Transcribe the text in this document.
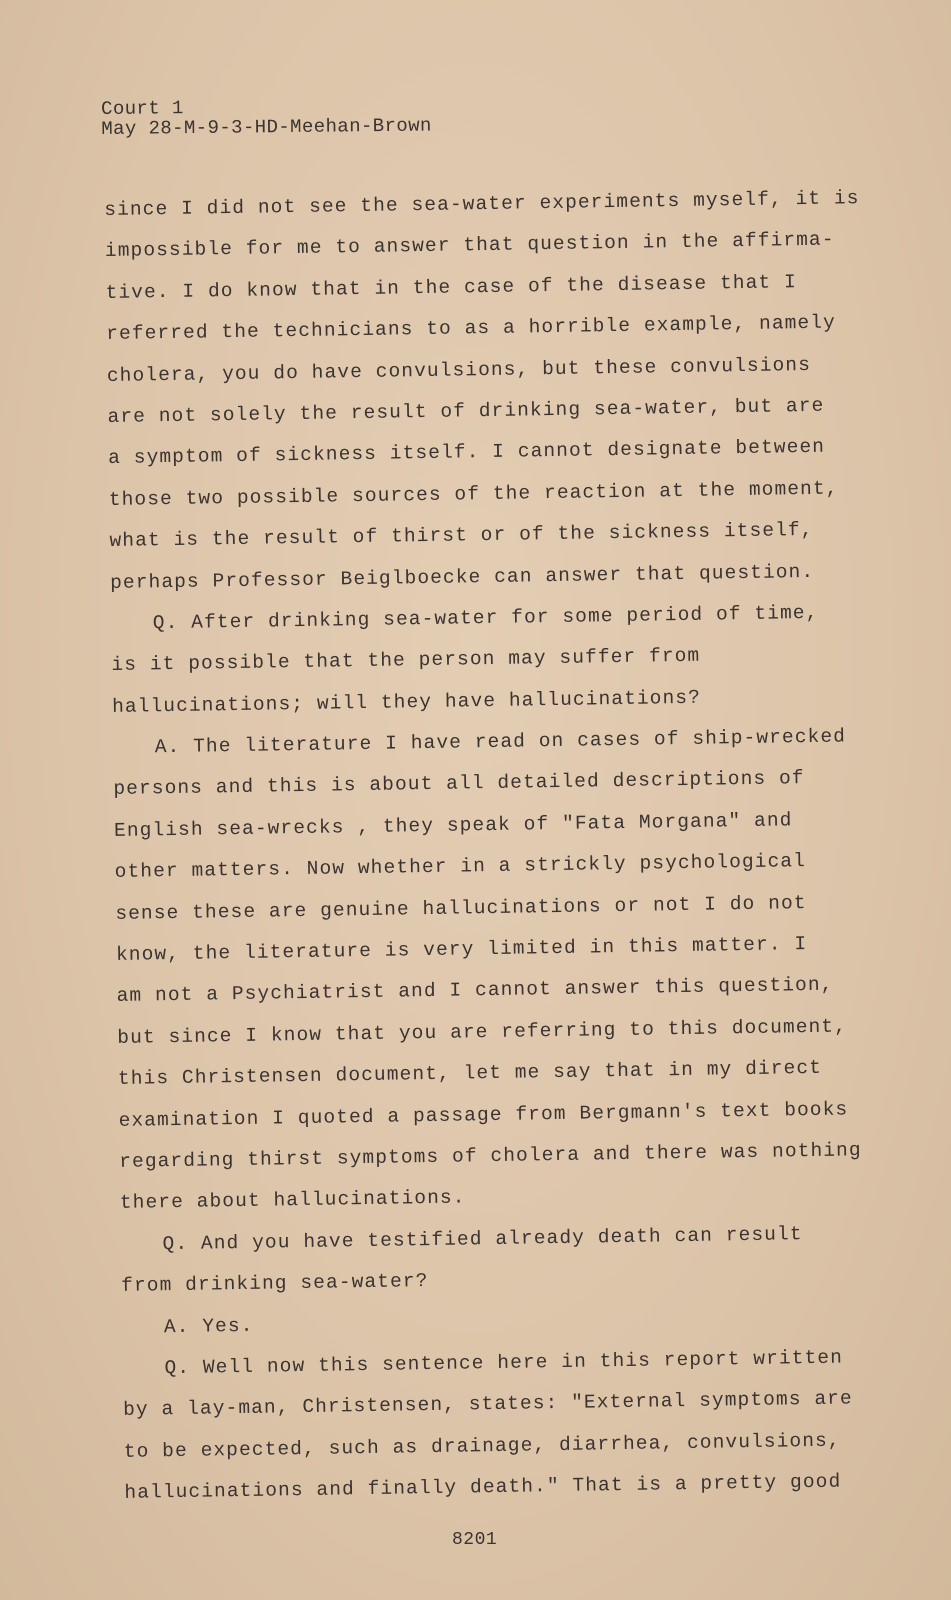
Court 1
May 28-M-9-3-HD-Meehan-Brown
since I did not see the sea-water experiments myself, it is
impossible for me to answer that question in the affirma-
tive. I do know that in the case of the disease that I
referred the technicians to as a horrible example, namely
cholera, you do have convulsions, but these convulsions
are not solely the result of drinking sea-water, but are
a symptom of sickness itself. I cannot designate between
those two possible sources of the reaction at the moment,
what is the result of thirst or of the sickness itself,
perhaps Professor Beiglboecke can answer that question.
Q. After drinking sea-water for some period of time,
is it possible that the person may suffer from
hallucinations; will they have hallucinations?
A. The literature I have read on cases of ship-wrecked
persons and this is about all detailed descriptions of
English sea-wrecks , they speak of "Fata Morgana" and
other matters. Now whether in a strickly psychological
sense these are genuine hallucinations or not I do not
know, the literature is very limited in this matter. I
am not a Psychiatrist and I cannot answer this question,
but since I know that you are referring to this document,
this Christensen document, let me say that in my direct
examination I quoted a passage from Bergmann's text books
regarding thirst symptoms of cholera and there was nothing
there about hallucinations.
Q. And you have testified already death can result
from drinking sea-water?
A. Yes.
Q. Well now this sentence here in this report written
by a lay-man, Christensen, states: "External symptoms are
to be expected, such as drainage, diarrhea, convulsions,
hallucinations and finally death." That is a pretty good
8201
